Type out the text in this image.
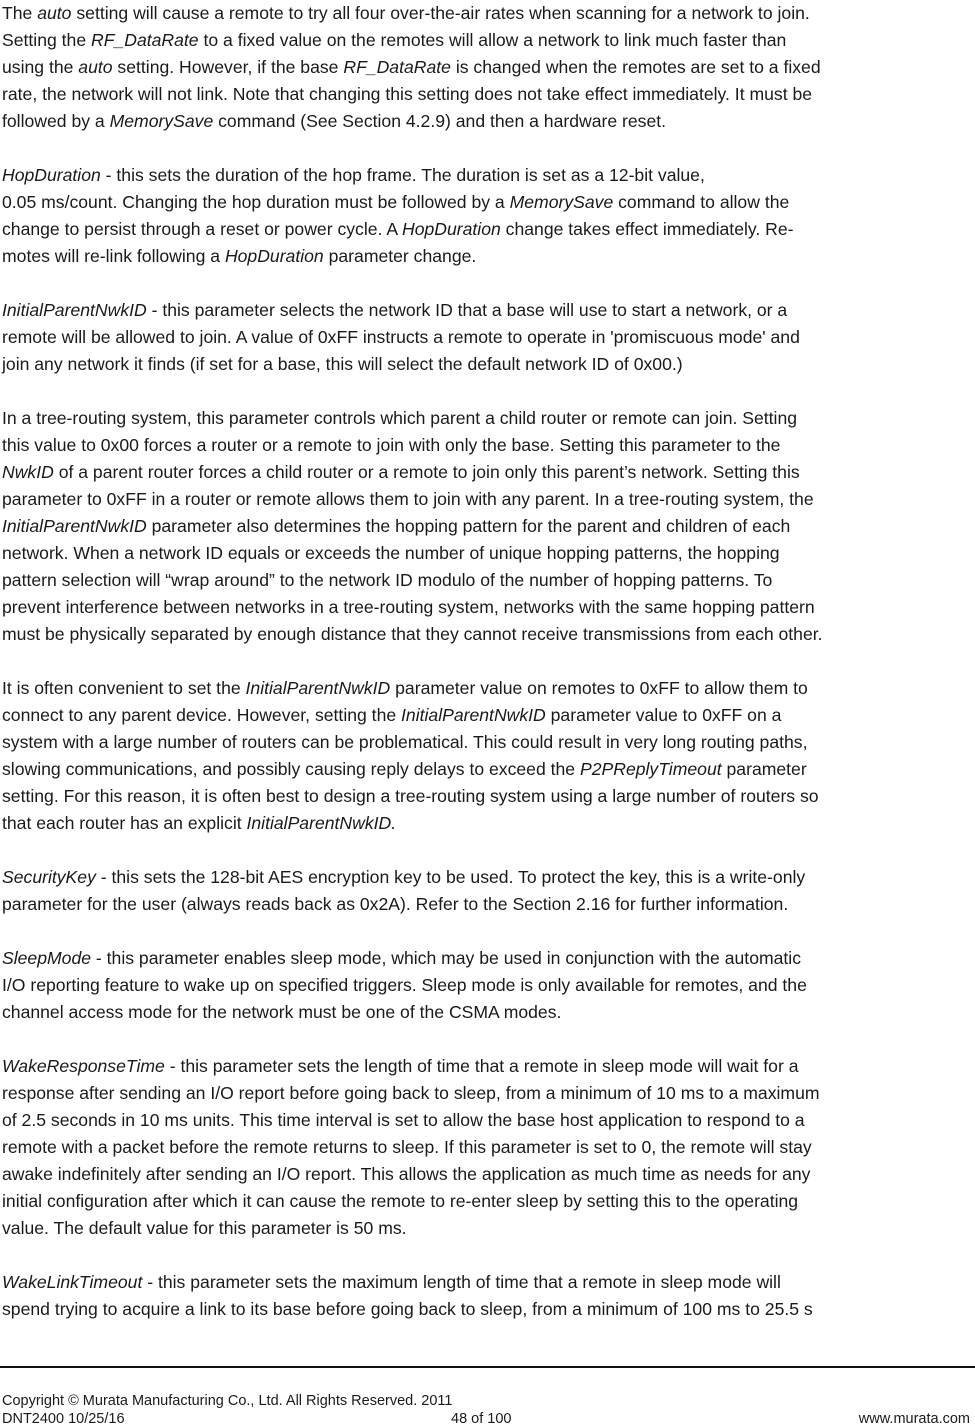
The auto setting will cause a remote to try all four over-the-air rates when scanning for a network to join.
Setting the RF_DataRate to a fixed value on the remotes will allow a network to link much faster than
using the auto setting. However, if the base RF_DataRate is changed when the remotes are set to a fixed
rate, the network will not link. Note that changing this setting does not take effect immediately. It must be
followed by a MemorySave command (See Section 4.2.9) and then a hardware reset.

HopDuration - this sets the duration of the hop frame. The duration is set as a 12-bit value,
0.05 ms/count. Changing the hop duration must be followed by a MemorySave command to allow the
change to persist through a reset or power cycle. A HopDuration change takes effect immediately. Re-
motes will re-link following a HopDuration parameter change.

InitialParentNwkID - this parameter selects the network ID that a base will use to start a network, or a
remote will be allowed to join. A value of 0xFF instructs a remote to operate in 'promiscuous mode' and
join any network it finds (if set for a base, this will select the default network ID of 0x00.)

In a tree-routing system, this parameter controls which parent a child router or remote can join. Setting
this value to 0x00 forces a router or a remote to join with only the base. Setting this parameter to the
NwkID of a parent router forces a child router or a remote to join only this parent’s network. Setting this
parameter to 0xFF in a router or remote allows them to join with any parent. In a tree-routing system, the
InitialParentNwkID parameter also determines the hopping pattern for the parent and children of each
network. When a network ID equals or exceeds the number of unique hopping patterns, the hopping
pattern selection will “wrap around” to the network ID modulo of the number of hopping patterns. To
prevent interference between networks in a tree-routing system, networks with the same hopping pattern
must be physically separated by enough distance that they cannot receive transmissions from each other.

It is often convenient to set the InitialParentNwkID parameter value on remotes to 0xFF to allow them to
connect to any parent device. However, setting the InitialParentNwkID parameter value to 0xFF on a
system with a large number of routers can be problematical. This could result in very long routing paths,
slowing communications, and possibly causing reply delays to exceed the P2PReplyTimeout parameter
setting. For this reason, it is often best to design a tree-routing system using a large number of routers so
that each router has an explicit InitialParentNwkID.

SecurityKey - this sets the 128-bit AES encryption key to be used. To protect the key, this is a write-only
parameter for the user (always reads back as 0x2A). Refer to the Section 2.16 for further information.

SleepMode - this parameter enables sleep mode, which may be used in conjunction with the automatic
I/O reporting feature to wake up on specified triggers. Sleep mode is only available for remotes, and the
channel access mode for the network must be one of the CSMA modes.

WakeResponseTime - this parameter sets the length of time that a remote in sleep mode will wait for a
response after sending an I/O report before going back to sleep, from a minimum of 10 ms to a maximum
of 2.5 seconds in 10 ms units. This time interval is set to allow the base host application to respond to a
remote with a packet before the remote returns to sleep. If this parameter is set to 0, the remote will stay
awake indefinitely after sending an I/O report. This allows the application as much time as needs for any
initial configuration after which it can cause the remote to re-enter sleep by setting this to the operating
value. The default value for this parameter is 50 ms.

WakeLinkTimeout - this parameter sets the maximum length of time that a remote in sleep mode will
spend trying to acquire a link to its base before going back to sleep, from a minimum of 100 ms to 25.5 s

Copyright © Murata Manufacturing Co., Ltd. All Rights Reserved. 2011
DNT2400 10/25/16	48 of 100	www.murata.com
